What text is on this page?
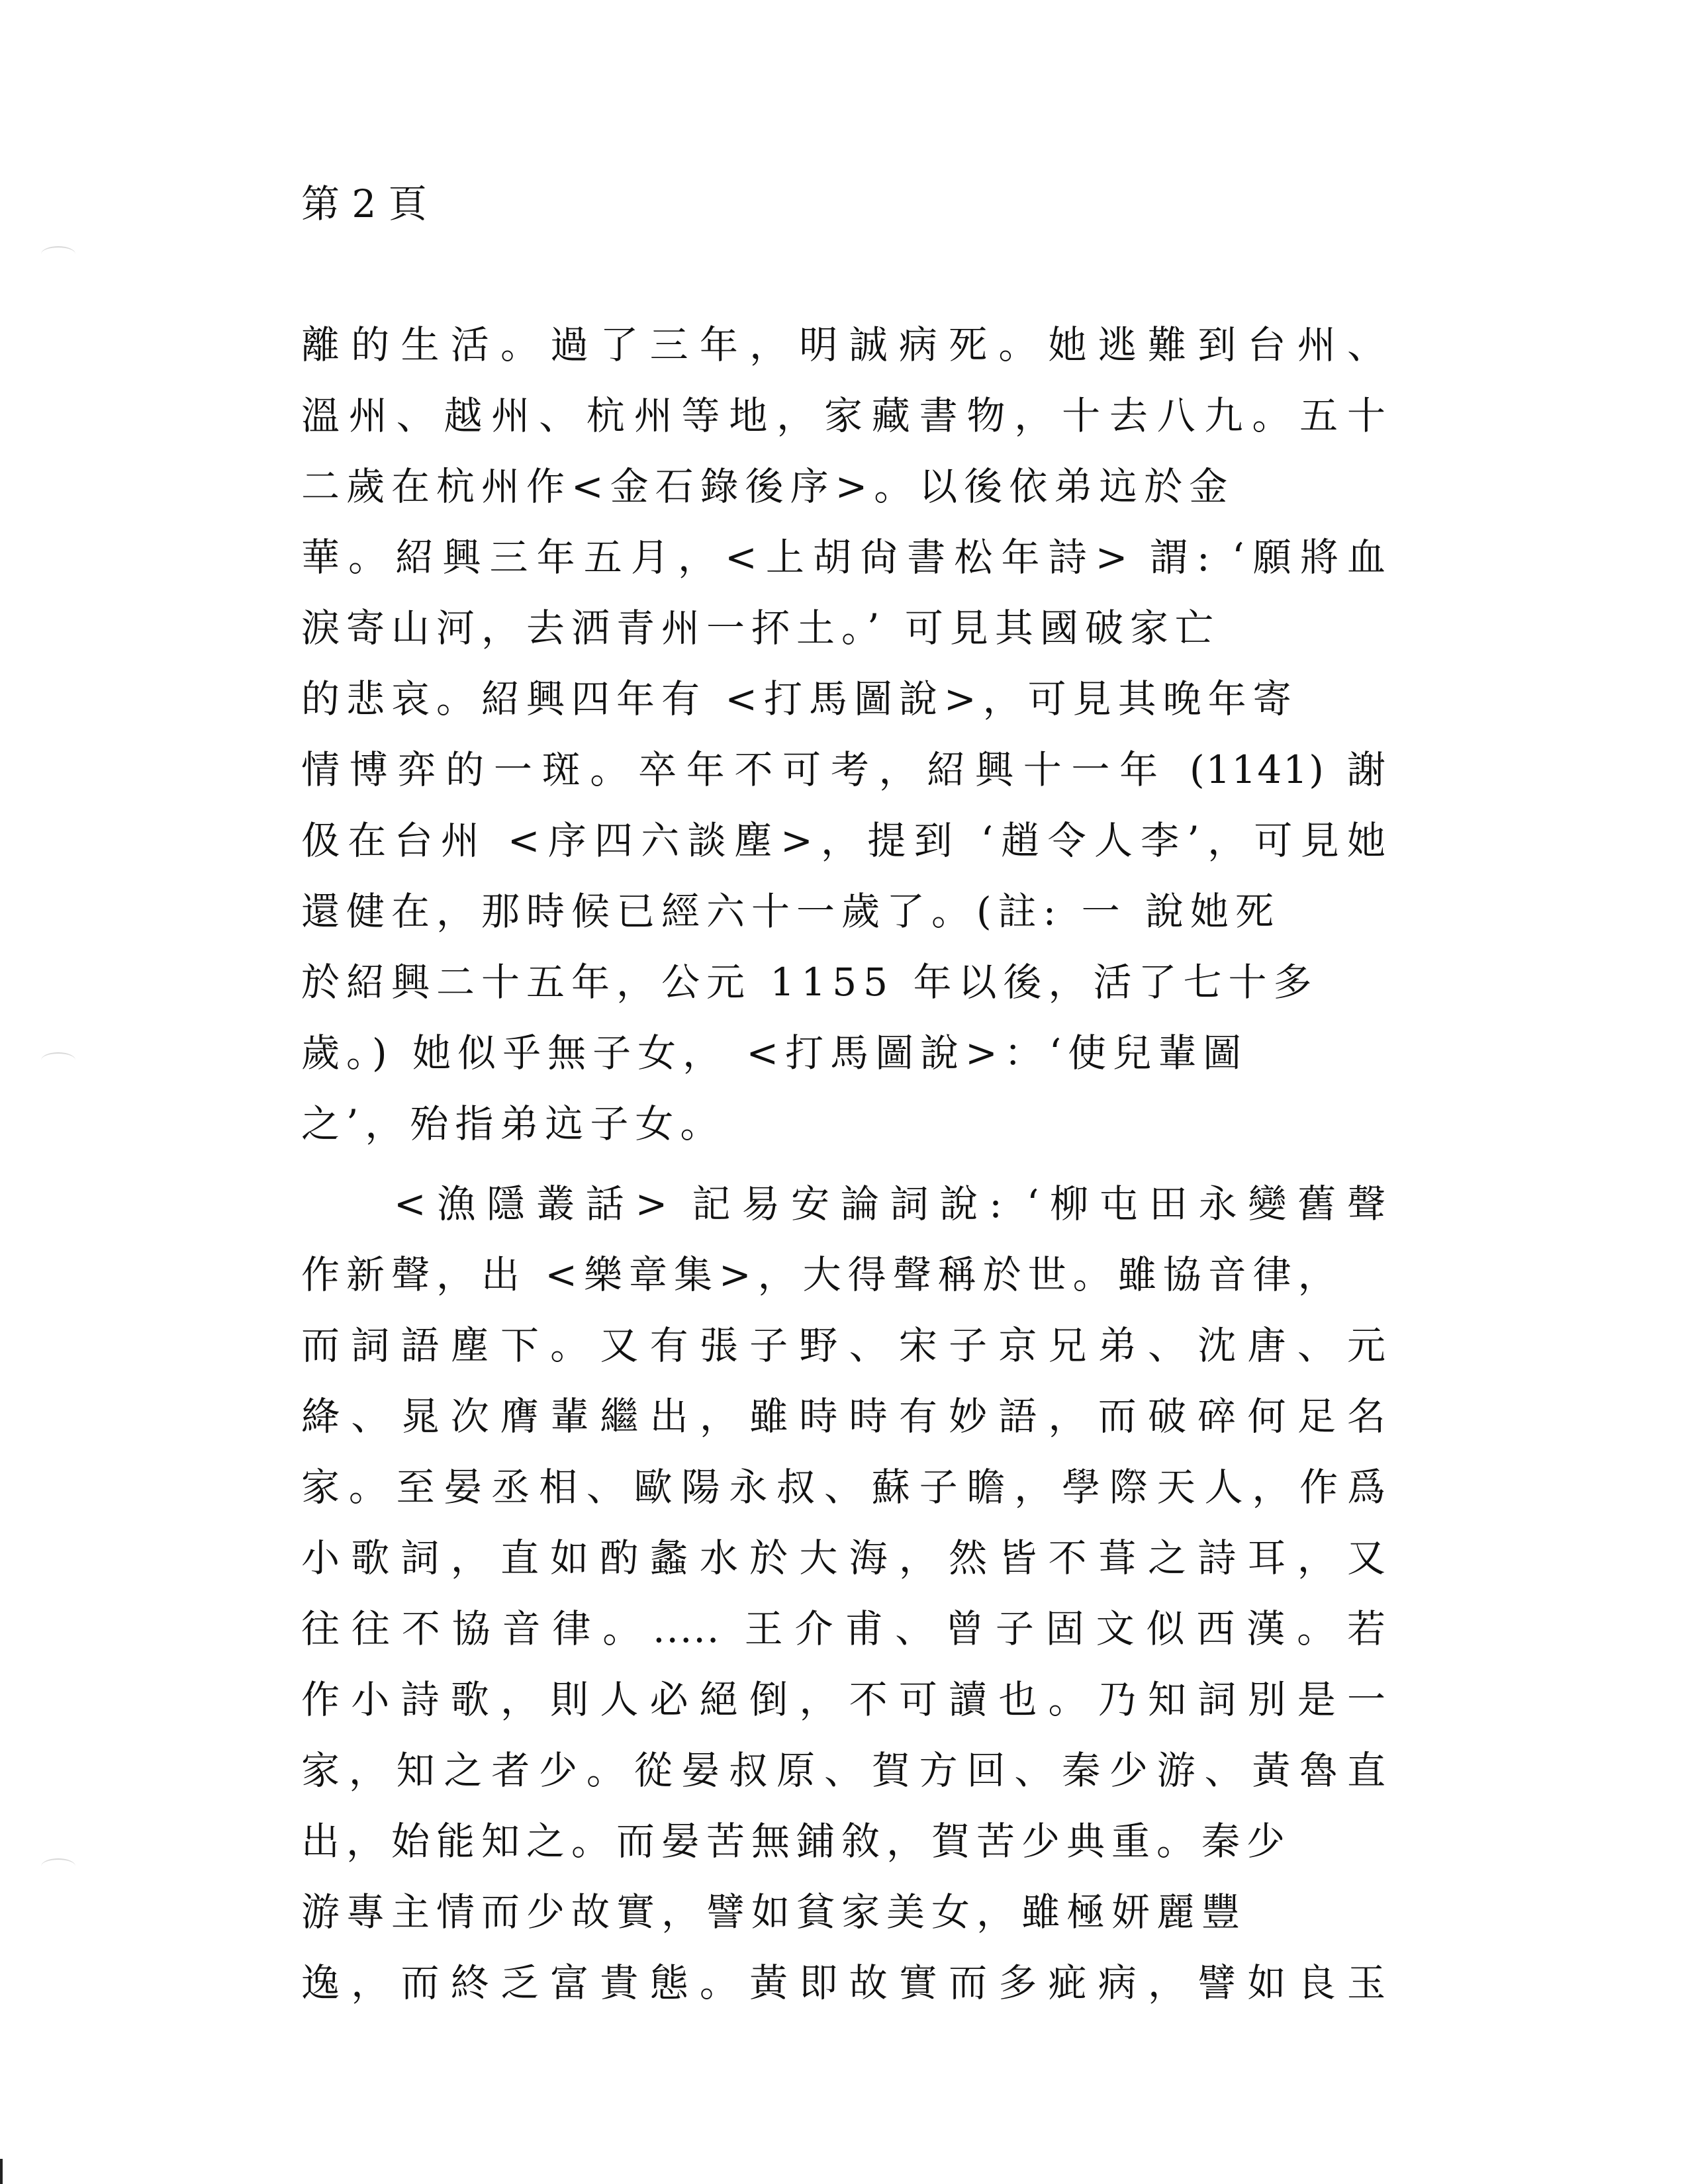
第 2 頁
離的生活。過了三年，明誠病死。她逃難到台州、
溫州、越州、杭州等地，家藏書物，十去八九。五十
二歲在杭州作<金石錄後序>。以後依弟迒於金
華。紹興三年五月，<上胡尙書松年詩> 謂: ‘願將血
淚寄山河，去洒青州一抔土。’ 可見其國破家亡
的悲哀。紹興四年有 <打馬圖說>，可見其晚年寄
情博弈的一斑。卒年不可考，紹興十一年 (1141) 謝
伋在台州 <序四六談塵>，提到 ‘趙令人李’，可見她
還健在，那時候已經六十一歲了。(註: 一 說她死
於紹興二十五年，公元 1155 年以後，活了七十多
歲。) 她似乎無子女， <打馬圖說>：‘使兒輩圖
之’，殆指弟迒子女。
<漁隱叢話> 記易安論詞說: ‘柳屯田永變舊聲
作新聲，出 <樂章集>，大得聲稱於世。雖協音律，
而詞語塵下。又有張子野、宋子京兄弟、沈唐、元
絳、晁次膺輩繼出，雖時時有妙語，而破碎何足名
家。至晏丞相、歐陽永叔、蘇子瞻，學際天人，作爲
小歌詞，直如酌蠡水於大海，然皆不葺之詩耳，又
往往不協音律。..... 王介甫、曾子固文似西漢。若
作小詩歌，則人必絕倒，不可讀也。乃知詞別是一
家，知之者少。從晏叔原、賀方回、秦少游、黃魯直
出，始能知之。而晏苦無鋪敘，賀苦少典重。秦少
游專主情而少故實，譬如貧家美女，雖極妍麗豐
逸，而終乏富貴態。黃即故實而多疵病，譬如良玉
